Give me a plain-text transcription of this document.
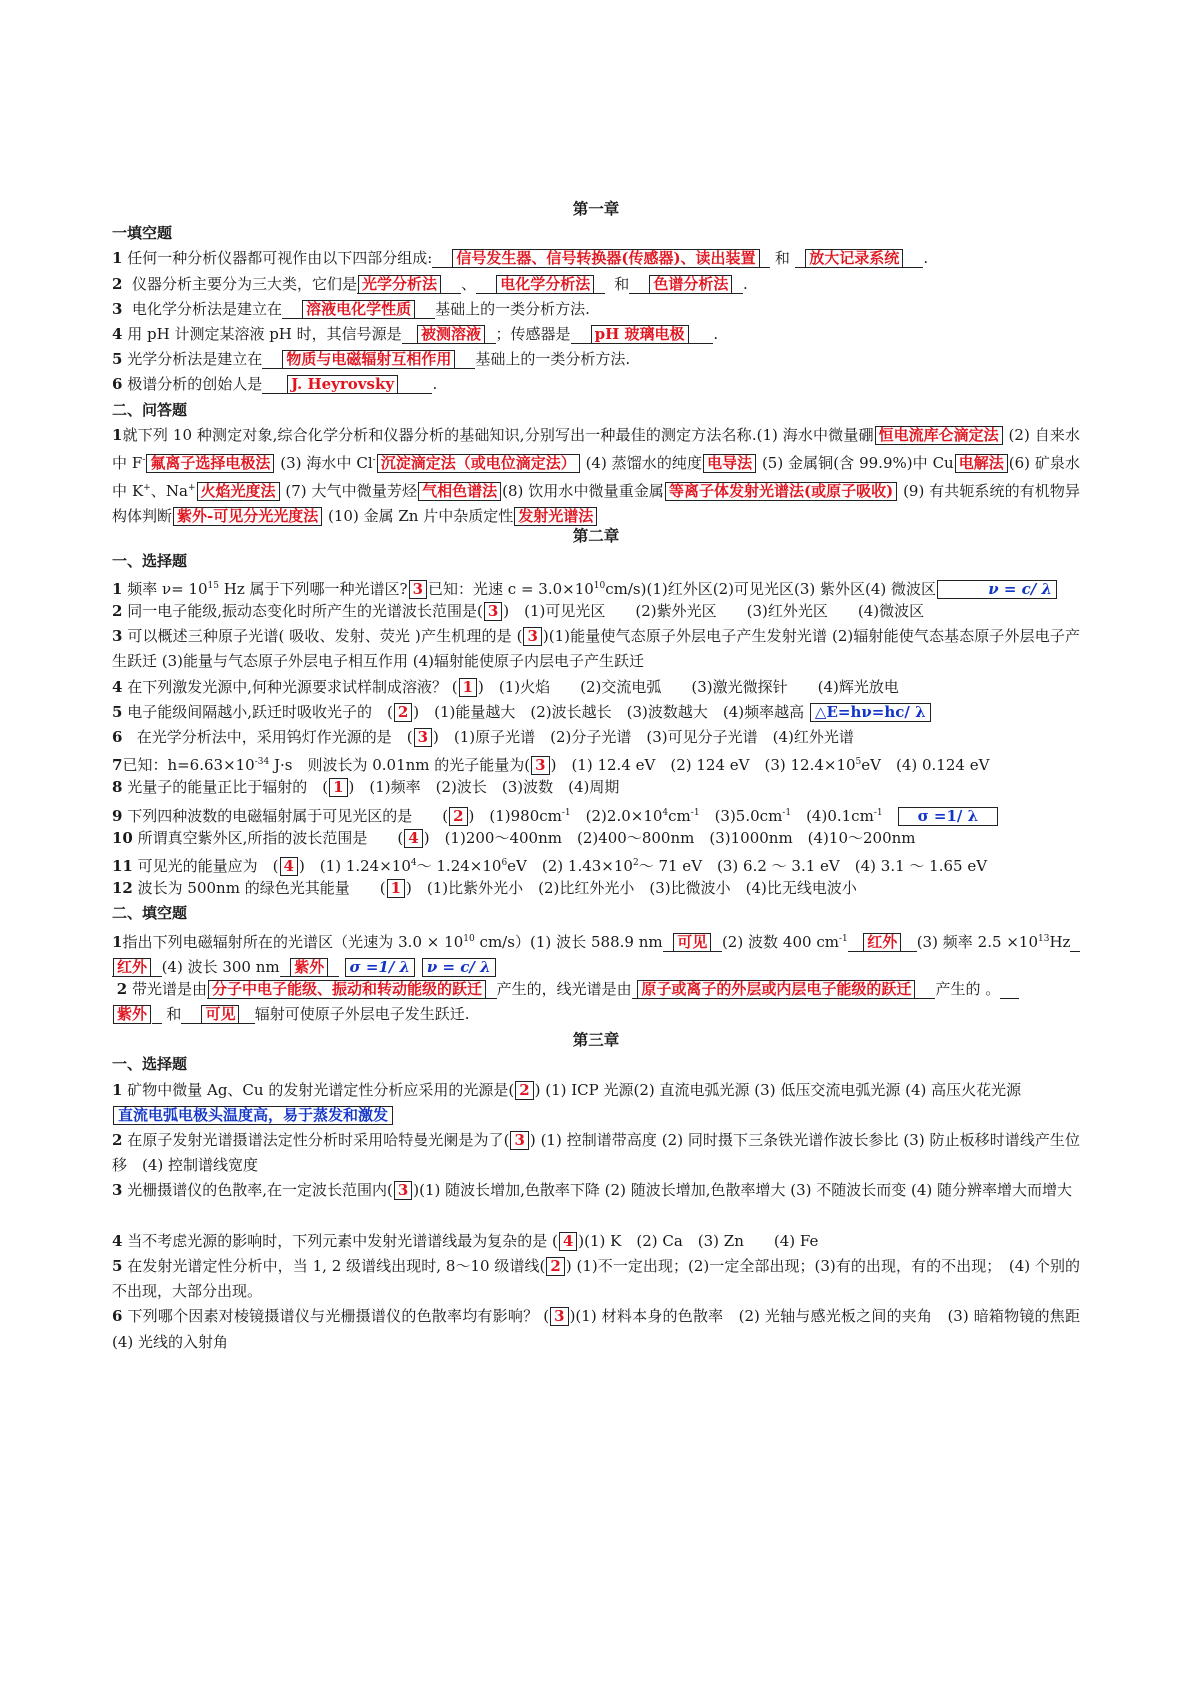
第一章
一填空题
1 任何一种分析仪器都可视作由以下四部分组成: 信号发生器、信号转换器(传感器)、读出装置 和 放大记录系统 .
2 仪器分析主要分为三大类，它们是 光学分析法 、 电化学分析法 和 色谱分析法 .
3 电化学分析法是建立在 溶液电化学性质 基础上的一类分析方法.
4 用 pH 计测定某溶液 pH 时，其信号源是 被测溶液 ；传感器是 pH 玻璃电极 .
5 光学分析法是建立在 物质与电磁辐射互相作用 基础上的一类分析方法.
6 极谱分析的创始人是 J. Heyrovsky	.
二、问答题
1就下列 10 种测定对象,综合化学分析和仪器分析的基础知识,分别写出一种最佳的测定方法名称.(1) 海水中微量硼 恒电流库仑滴定法 (2) 自来水中 F- 氟离子选择电极法 (3) 海水中 Cl- 沉淀滴定法（或电位滴定法） (4) 蒸馏水的纯度 电导法 (5) 金属铜(含 99.9%)中 Cu 电解法 (6) 矿泉水中 K+、Na+ 火焰光度法 (7) 大气中微量芳烃 气相色谱法 (8) 饮用水中微量重金属 等离子体发射光谱法(或原子吸收) (9) 有共轭系统的有机物异构体判断 紫外-可见分光光度法 (10) 金属 Zn 片中杂质定性 发射光谱法
第二章
一、选择题
1 频率 $\nu= 10^{15}$ Hz 属于下列哪一种光谱区? 3 已知：光速 $c = 3.0\times 10^{10}cm/s)(1)$红外区(2)可见光区(3) 紫外区(4) 微波区	ν = c/ λ
2 同一电子能级,振动态变化时所产生的光谱波长范围是( 3 )　(1)可见光区　　(2)紫外光区　　(3)红外光区　　(4)微波区
3 可以概述三种原子光谱( 吸收、发射、荧光 )产生机理的是 ( 3 )(1)能量使气态原子外层电子产生发射光谱 (2)辐射能使气态基态原子外层电子产生跃迁 (3)能量与气态原子外层电子相互作用 (4)辐射能使原子内层电子产生跃迁
4 在下列激发光源中,何种光源要求试样制成溶液？ ( 1 )　(1)火焰　　(2)交流电弧　　(3)激光微探针　　(4)辉光放电
5 电子能级间隔越小,跃迁时吸收光子的　( 2 )　(1)能量越大　(2)波长越长　(3)波数越大　(4)频率越高 △E=hν=hc/ λ
6 在光学分析法中，采用钨灯作光源的是　( 3 )　(1)原子光谱　(2)分子光谱　(3)可见分子光谱　(4)红外光谱
7已知：$h=6.63\times 10^{-34}$ J·s　则波长为 0.01nm 的光子能量为( 3 )　(1) 12.4 eV　(2) 124 eV　(3) $12.4\times 10^5eV$　(4) 0.124 eV
8 光量子的能量正比于辐射的　( 1 )　(1)频率　(2)波长　(3)波数　(4)周期
9 下列四种波数的电磁辐射属于可见光区的是　　( 2 )　$(1)980cm^{-1}$　$(2)2.0\times 10^4cm^{-1}$　$(3)5.0cm^{-1}$　$(4)0.1cm^{-1}$ σ =1/ λ
10 所谓真空紫外区,所指的波长范围是　　( 4 )　(1)200～400nm　(2)400～800nm　(3)1000nm　(4)10～200nm
11 可见光的能量应为　( 4 )　(1) $1.24\times 10^4\sim$ $1.24\times 10^6eV$　(2) $1.43\times 10^2\sim$ 71 eV　(3) 6.2 ～ 3.1 eV　(4) 3.1 ～ 1.65 eV
12 波长为 500nm 的绿色光其能量　　( 1 )　(1)比紫外光小　(2)比红外光小　(3)比微波小　(4)比无线电波小
二、填空题
1指出下列电磁辐射所在的光谱区（光速为 $3.0 \times 10^{10}$ cm/s）(1) 波长 588.9 nm 可见 (2) 波数 400 $cm^{-1}$ 红外 (3) 频率 $2.5 \times 10^{13}Hz$  红外 (4) 波长 300 nm 紫外 σ =1/ λ ν = c/ λ
2 带光谱是由 分子中电子能级、振动和转动能级的跃迁 产生的，线光谱是由 原子或离子的外层或内层电子能级的跃迁 产生的 。
紫外 和 可见 辐射可使原子外层电子发生跃迁.
第三章
一、选择题
1 矿物中微量 Ag、Cu 的发射光谱定性分析应采用的光源是( 2 ) (1) ICP 光源(2) 直流电弧光源 (3) 低压交流电弧光源 (4) 高压火花光源
直流电弧电极头温度高，易于蒸发和激发
2 在原子发射光谱摄谱法定性分析时采用哈特曼光阑是为了( 3 ) (1) 控制谱带高度 (2) 同时摄下三条铁光谱作波长参比 (3) 防止板移时谱线产生位移　(4) 控制谱线宽度
3 光栅摄谱仪的色散率,在一定波长范围内( 3 )(1) 随波长增加,色散率下降 (2) 随波长增加,色散率增大 (3) 不随波长而变 (4) 随分辨率增大而增大
4 当不考虑光源的影响时，下列元素中发射光谱谱线最为复杂的是 ( 4 )(1) K　(2) Ca　(3) Zn　　(4) Fe
5 在发射光谱定性分析中，当 1, 2 级谱线出现时, 8～10 级谱线( 2 ) (1)不一定出现；(2)一定全部出现；(3)有的出现，有的不出现；　(4) 个别的不出现，大部分出现。
6 下列哪个因素对棱镜摄谱仪与光栅摄谱仪的色散率均有影响？ ( 3 )(1) 材料本身的色散率　(2) 光轴与感光板之间的夹角　(3) 暗箱物镜的焦距 (4) 光线的入射角
